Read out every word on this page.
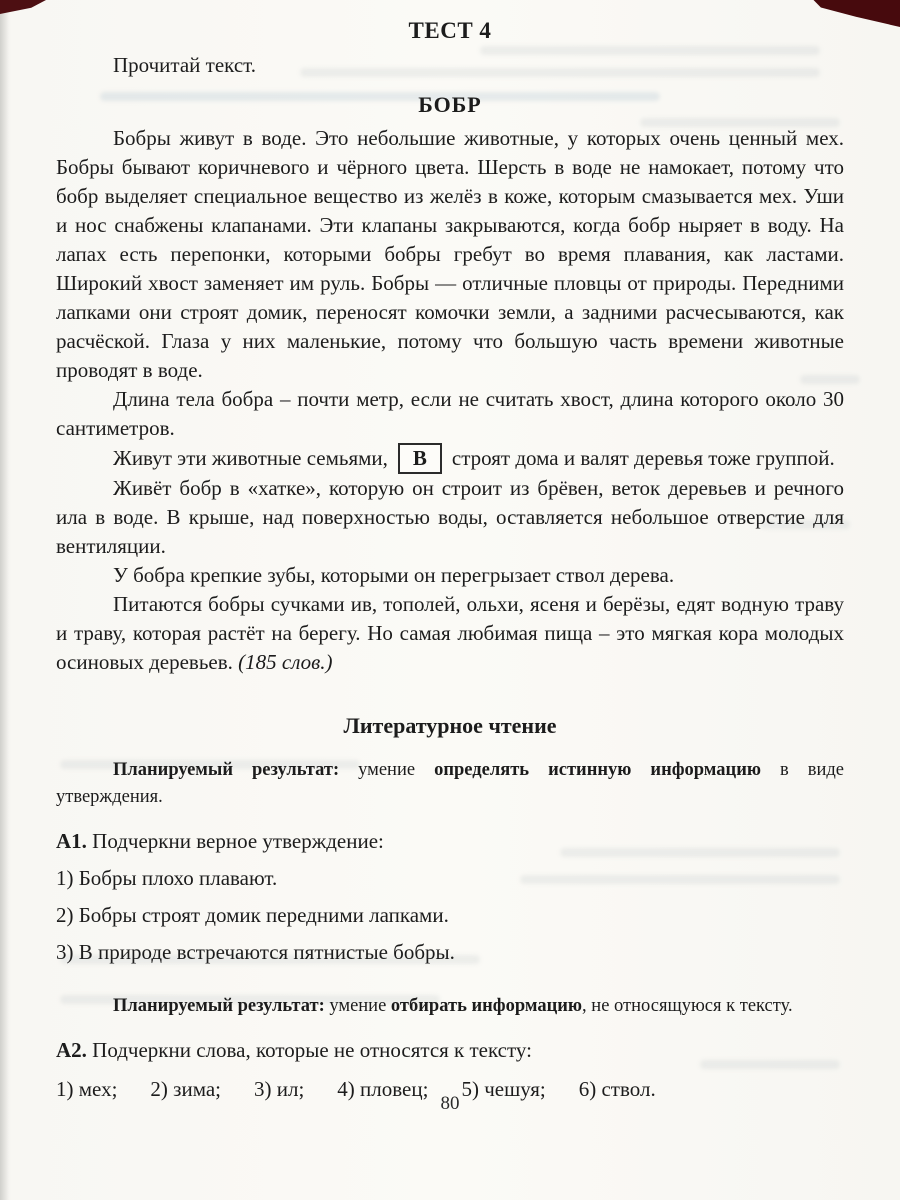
ТЕСТ 4

Прочитай текст.

БОБР

Бобры живут в воде. Это небольшие животные, у которых очень ценный мех. Бобры бывают коричневого и чёрного цвета. Шерсть в воде не намокает, потому что бобр выделяет специальное вещество из желёз в коже, которым смазывается мех. Уши и нос снабжены клапанами. Эти клапаны закрываются, когда бобр ныряет в воду. На лапах есть перепонки, которыми бобры гребут во время плавания, как ластами. Широкий хвост заменяет им руль. Бобры — отличные пловцы от природы. Передними лапками они строят домик, переносят комочки земли, а задними расчесываются, как расчёской. Глаза у них маленькие, потому что большую часть времени животные проводят в воде.

Длина тела бобра – почти метр, если не считать хвост, длина которого около 30 сантиметров.

Живут эти животные семьями, В строят дома и валят деревья тоже группой.

Живёт бобр в «хатке», которую он строит из брёвен, веток деревьев и речного ила в воде. В крыше, над поверхностью воды, оставляется небольшое отверстие для вентиляции.

У бобра крепкие зубы, которыми он перегрызает ствол дерева.

Питаются бобры сучками ив, тополей, ольхи, ясеня и берёзы, едят водную траву и траву, которая растёт на берегу. Но самая любимая пища – это мягкая кора молодых осиновых деревьев. (185 слов.)

Литературное чтение

Планируемый результат: умение определять истинную информацию в виде утверждения.

А1. Подчеркни верное утверждение:

1) Бобры плохо плавают.

2) Бобры строят домик передними лапками.

3) В природе встречаются пятнистые бобры.

Планируемый результат: умение отбирать информацию, не относящуюся к тексту.

А2. Подчеркни слова, которые не относятся к тексту:

1) мех; 2) зима; 3) ил; 4) пловец; 5) чешуя; 6) ствол.

80
